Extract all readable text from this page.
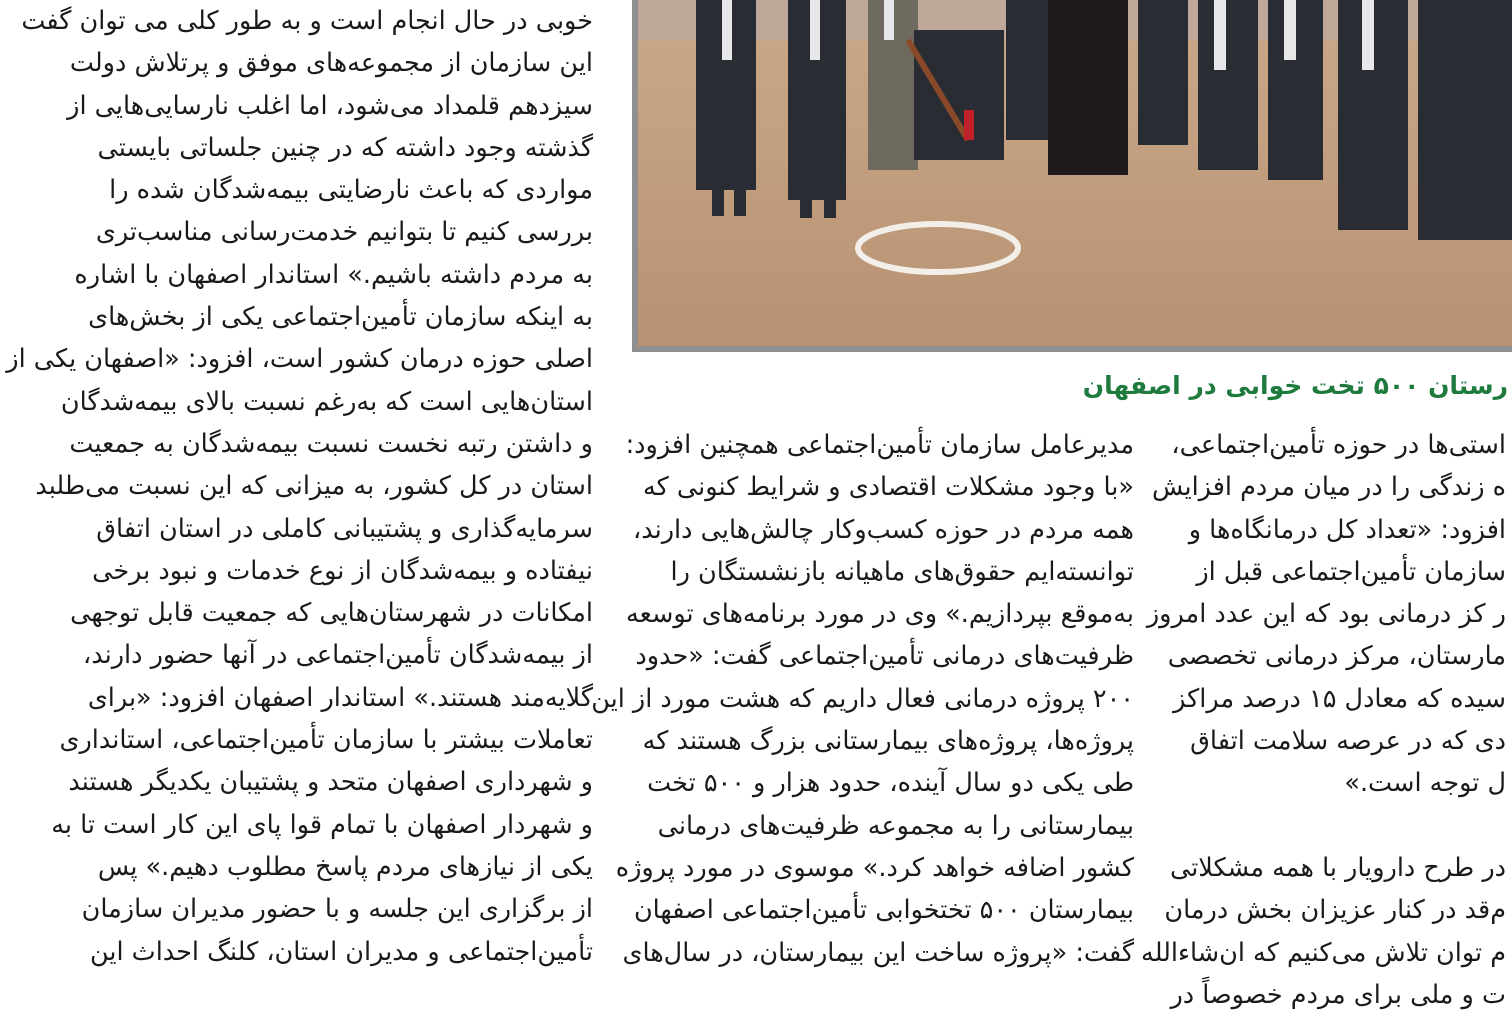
رستان ۵۰۰ تخت خوابی در اصفهان
خوبی در حال انجام است و به طور کلی می توان گفت
این سازمان از مجموعه‌های موفق و پرتلاش دولت
سیزدهم قلمداد می‌شود، اما اغلب نارسایی‌هایی از
گذشته وجود داشته که در چنین جلساتی بایستی
مواردی که باعث نارضایتی بیمه‌شدگان شده را
بررسی کنیم تا بتوانیم خدمت‌رسانی مناسب‌تری
به مردم داشته باشیم.» استاندار اصفهان با اشاره
به اینکه سازمان تأمین‌اجتماعی یکی از بخش‌های
اصلی حوزه درمان کشور است، افزود: «اصفهان یکی از
استان‌هایی است که به‌رغم نسبت بالای بیمه‌شدگان
و داشتن رتبه نخست نسبت بیمه‌شدگان به جمعیت
استان در کل کشور، به میزانی که این نسبت می‌طلبد
سرمایه‌گذاری و پشتیبانی کاملی در استان اتفاق
نیفتاده و بیمه‌شدگان از نوع خدمات و نبود برخی
امکانات در شهرستان‌هایی که جمعیت قابل توجهی
از بیمه‌شدگان تأمین‌اجتماعی در آنها حضور دارند،
گلایه‌مند هستند.» استاندار اصفهان افزود: «برای
تعاملات بیشتر با سازمان تأمین‌اجتماعی، استانداری
و شهرداری اصفهان متحد و پشتیبان یکدیگر هستند
و شهردار اصفهان با تمام قوا پای این کار است تا به
یکی از نیازهای مردم پاسخ مطلوب دهیم.» پس
از برگزاری این جلسه و با حضور مدیران سازمان
تأمین‌اجتماعی و مدیران استان، کلنگ احداث این
مدیرعامل سازمان تأمین‌اجتماعی همچنین افزود:
«با وجود مشکلات اقتصادی و شرایط کنونی که
همه مردم در حوزه کسب‌وکار چالش‌هایی دارند،
توانسته‌ایم حقوق‌های ماهیانه بازنشستگان را
به‌موقع بپردازیم.» وی در مورد برنامه‌های توسعه
ظرفیت‌های درمانی تأمین‌اجتماعی گفت: «حدود
۲۰۰ پروژه درمانی فعال داریم که هشت مورد از این
پروژه‌ها، پروژه‌های بیمارستانی بزرگ هستند که
طی یکی دو سال آینده، حدود هزار و ۵۰۰ تخت
بیمارستانی را به مجموعه ظرفیت‌های درمانی
کشور اضافه خواهد کرد.» موسوی در مورد پروژه
بیمارستان ۵۰۰ تختخوابی تأمین‌اجتماعی اصفهان
گفت: «پروژه ساخت این بیمارستان، در سال‌های
استی‌ها در حوزه تأمین‌اجتماعی،
ه زندگی را در میان مردم افزایش
افزود: «تعداد کل درمانگاه‌ها و
سازمان تأمین‌اجتماعی قبل از
ر کز درمانی بود که این عدد امروز
مارستان، مرکز درمانی تخصصی
سیده که معادل ۱۵ درصد مراکز
دی که در عرصه سلامت اتفاق
ل توجه است.»
در طرح دارویار با همه مشکلاتی
م‌قد در کنار عزیزان بخش درمان
م توان تلاش می‌کنیم که ان‌شاءالله
ت و ملی برای مردم خصوصاً در
